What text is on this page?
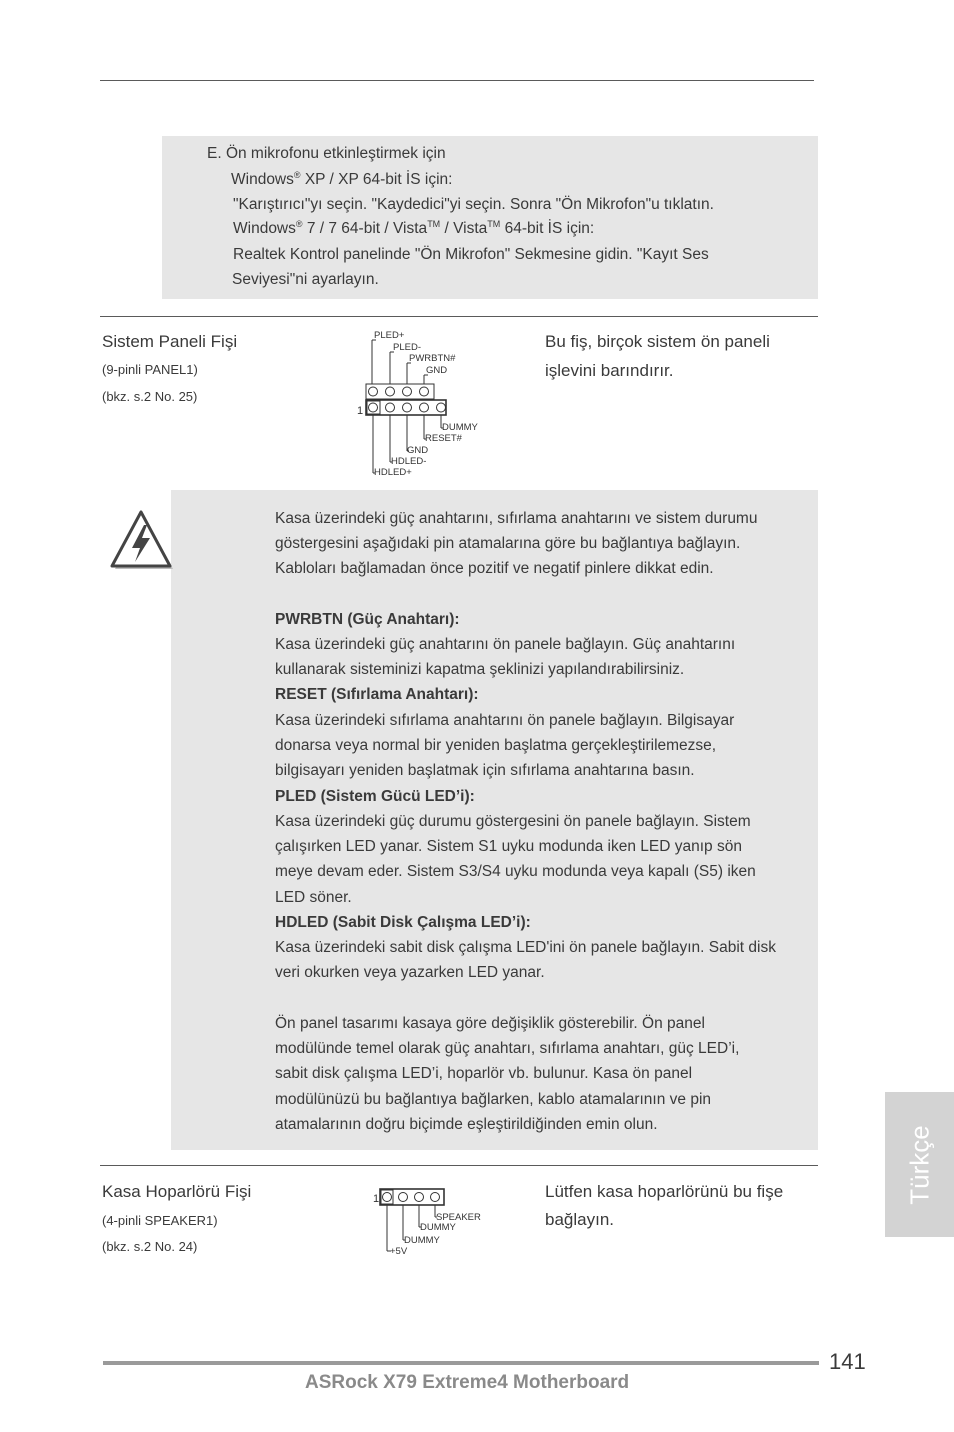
E. Ön mikrofonu etkinleştirmek için
Windows® XP / XP 64-bit İS için:
"Karıştırıcı"yı seçin. "Kaydedici"yi seçin. Sonra "Ön Mikrofon"u tıklatın.
Windows® 7 / 7 64-bit / Vista™ / Vista™ 64-bit İS için:
Realtek Kontrol panelinde "Ön Mikrofon" Sekmesine gidin. "Kayıt Ses
Seviyesi"ni ayarlayın.
Sistem Paneli Fişi
(9-pinli PANEL1)
(bkz. s.2 No. 25)
Bu fiş, birçok sistem ön paneli
işlevini barındırır.
1
PLED+
PLED-
PWRBTN#
GND
DUMMY
RESET#
GND
HDLED-
HDLED+
Kasa üzerindeki güç anahtarını, sıfırlama anahtarını ve sistem durumu
göstergesini aşağıdaki pin atamalarına göre bu bağlantıya bağlayın.
Kabloları bağlamadan önce pozitif ve negatif pinlere dikkat edin.
PWRBTN (Güç Anahtarı):
Kasa üzerindeki güç anahtarını ön panele bağlayın. Güç anahtarını
kullanarak sisteminizi kapatma şeklinizi yapılandırabilirsiniz.
RESET (Sıfırlama Anahtarı):
Kasa üzerindeki sıfırlama anahtarını ön panele bağlayın. Bilgisayar
donarsa veya normal bir yeniden başlatma gerçekleştirilemezse,
bilgisayarı yeniden başlatmak için sıfırlama anahtarına basın.
PLED (Sistem Gücü LED’i):
Kasa üzerindeki güç durumu göstergesini ön panele bağlayın. Sistem
çalışırken LED yanar. Sistem S1 uyku modunda iken LED yanıp sön
meye devam eder. Sistem S3/S4 uyku modunda veya kapalı (S5) iken
LED söner.
HDLED (Sabit Disk Çalışma LED’i):
Kasa üzerindeki sabit disk çalışma LED'ini ön panele bağlayın. Sabit disk
veri okurken veya yazarken LED yanar.
Ön panel tasarımı kasaya göre değişiklik gösterebilir. Ön panel
modülünde temel olarak güç anahtarı, sıfırlama anahtarı, güç LED’i,
sabit disk çalışma LED’i, hoparlör vb. bulunur. Kasa ön panel
modülünüzü bu bağlantıya bağlarken, kablo atamalarının ve pin
atamalarının doğru biçimde eşleştirildiğinden emin olun.
Kasa Hoparlörü Fişi
(4-pinli SPEAKER1)
(bkz. s.2 No. 24)
Lütfen kasa hoparlörünü bu fişe
bağlayın.
1
SPEAKER
DUMMY
DUMMY
+5V
Türkçe
141
ASRock X79 Extreme4 Motherboard
